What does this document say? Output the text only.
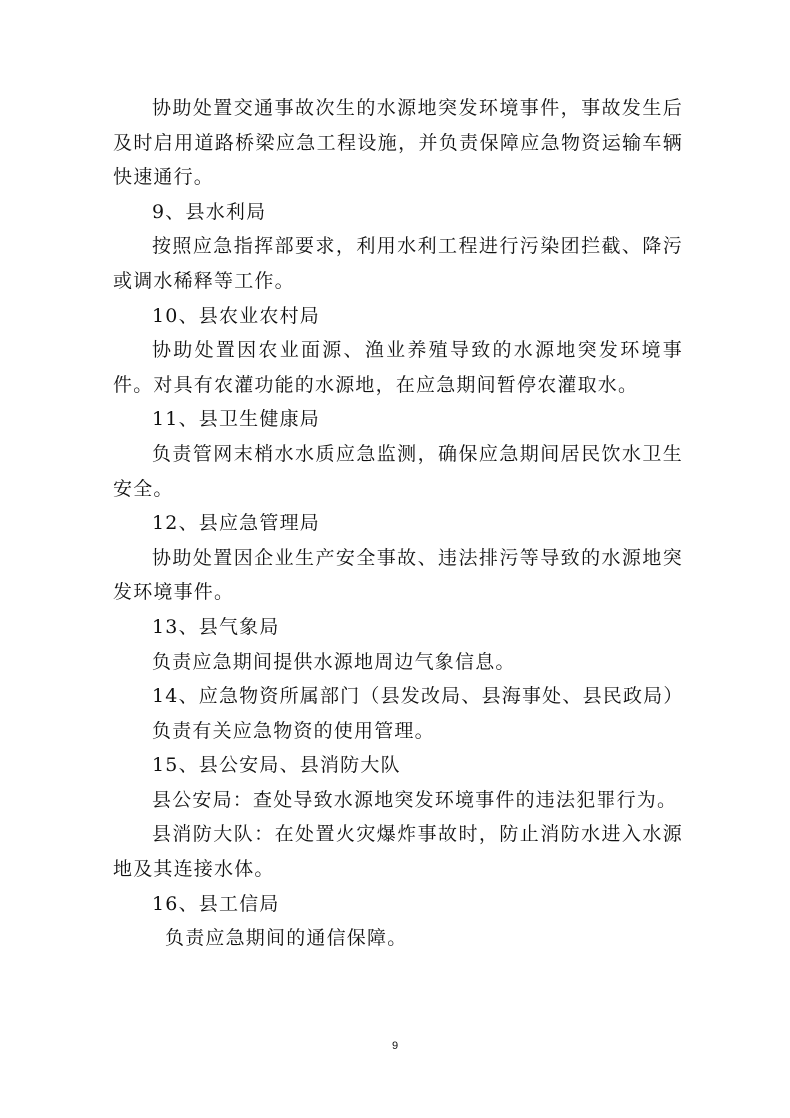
协助处置交通事故次生的水源地突发环境事件，事故发生后及时启用道路桥梁应急工程设施，并负责保障应急物资运输车辆快速通行。

9、县水利局

按照应急指挥部要求，利用水利工程进行污染团拦截、降污或调水稀释等工作。

10、县农业农村局

协助处置因农业面源、渔业养殖导致的水源地突发环境事件。对具有农灌功能的水源地，在应急期间暂停农灌取水。

11、县卫生健康局

负责管网末梢水水质应急监测，确保应急期间居民饮水卫生安全。

12、县应急管理局

协助处置因企业生产安全事故、违法排污等导致的水源地突发环境事件。

13、县气象局

负责应急期间提供水源地周边气象信息。

14、应急物资所属部门（县发改局、县海事处、县民政局）

负责有关应急物资的使用管理。

15、县公安局、县消防大队

县公安局：查处导致水源地突发环境事件的违法犯罪行为。

县消防大队：在处置火灾爆炸事故时，防止消防水进入水源地及其连接水体。

16、县工信局

负责应急期间的通信保障。

9
